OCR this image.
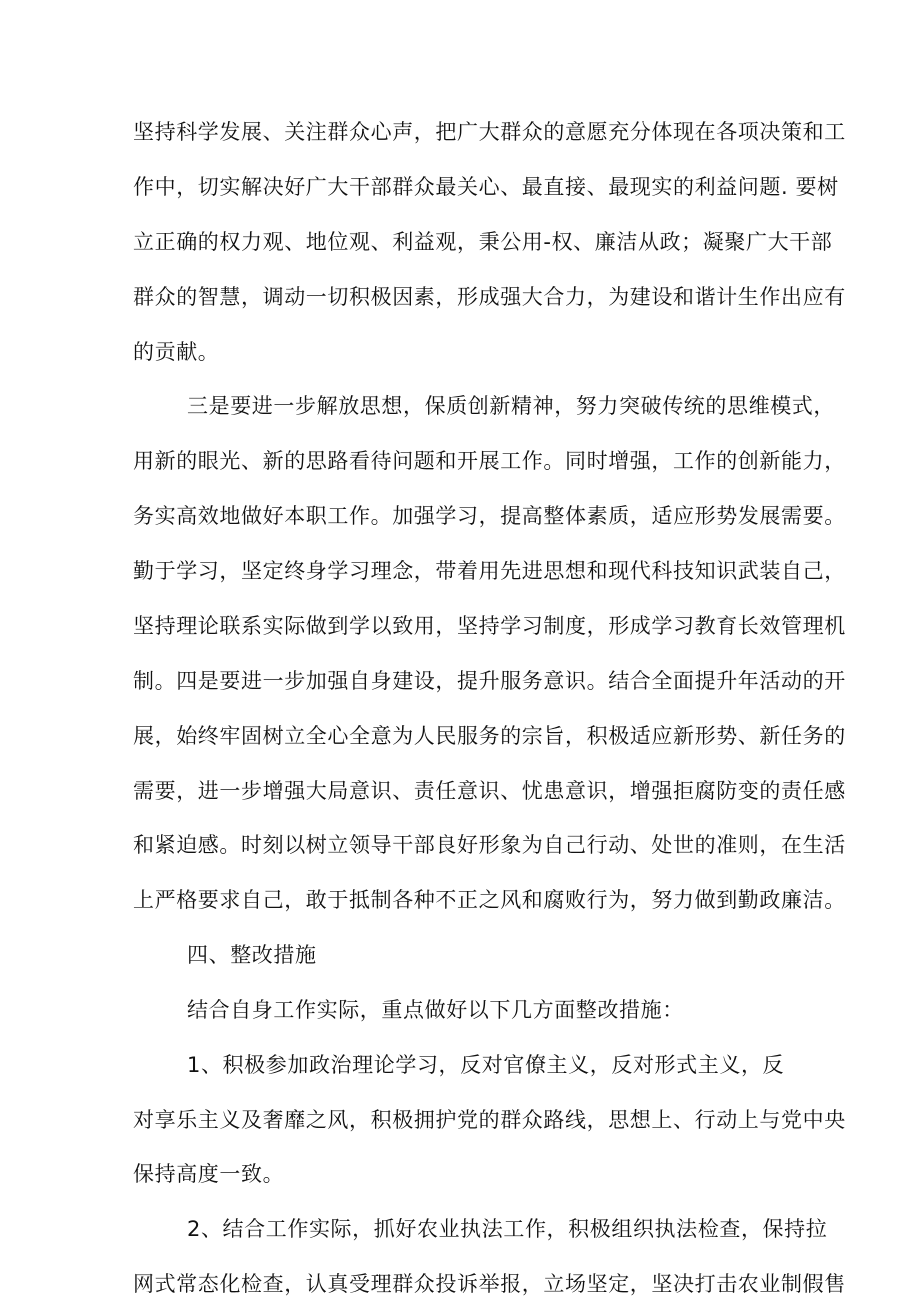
坚持科学发展、关注群众心声，把广大群众的意愿充分体现在各项决策和工
作中，切实解决好广大干部群众最关心、最直接、最现实的利益问题. 要树
立正确的权力观、地位观、利益观，秉公用-权、廉洁从政；凝聚广大干部
群众的智慧，调动一切积极因素，形成强大合力，为建设和谐计生作出应有
的贡献。
三是要进一步解放思想，保质创新精神，努力突破传统的思维模式，
用新的眼光、新的思路看待问题和开展工作。同时增强，工作的创新能力，
务实高效地做好本职工作。加强学习，提高整体素质，适应形势发展需要。
勤于学习，坚定终身学习理念，带着用先进思想和现代科技知识武装自己，
坚持理论联系实际做到学以致用，坚持学习制度，形成学习教育长效管理机
制。四是要进一步加强自身建设，提升服务意识。结合全面提升年活动的开
展，始终牢固树立全心全意为人民服务的宗旨，积极适应新形势、新任务的
需要，进一步增强大局意识、责任意识、忧患意识，增强拒腐防变的责任感
和紧迫感。时刻以树立领导干部良好形象为自己行动、处世的准则，在生活
上严格要求自己，敢于抵制各种不正之风和腐败行为，努力做到勤政廉洁。
四、整改措施
结合自身工作实际，重点做好以下几方面整改措施：
1、积极参加政治理论学习，反对官僚主义，反对形式主义，反
对享乐主义及奢靡之风，积极拥护党的群众路线，思想上、行动上与党中央
保持高度一致。
2、结合工作实际，抓好农业执法工作，积极组织执法检查，保持拉
网式常态化检查，认真受理群众投诉举报，立场坚定，坚决打击农业制假售
